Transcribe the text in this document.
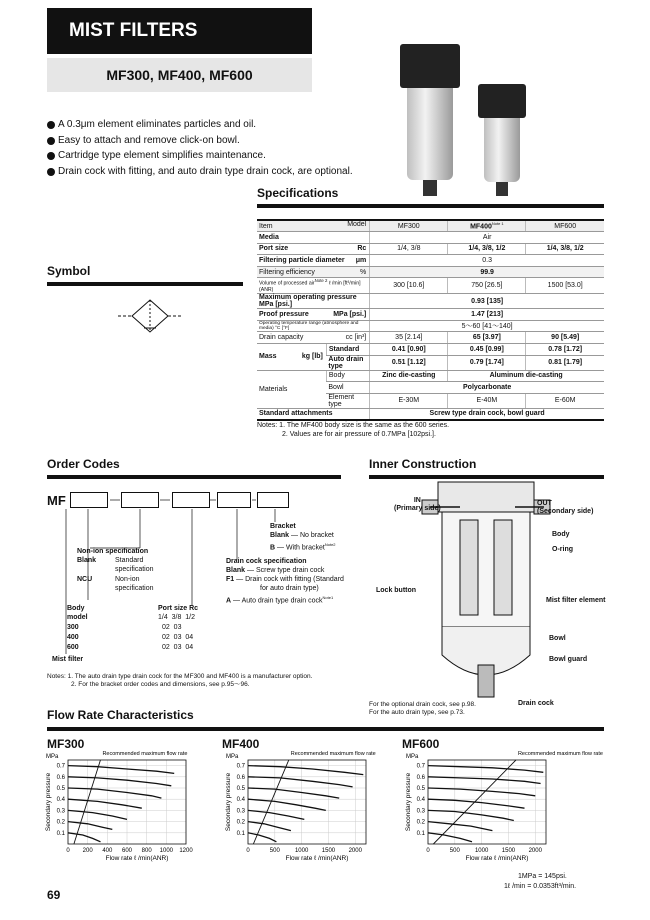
MIST FILTERS
MF300, MF400, MF600
A 0.3μm element eliminates particles and oil.
Easy to attach and remove click-on bowl.
Cartridge type element simplifies maintenance.
Drain cock with fitting, and auto drain type drain cock, are optional.
Specifications
Item Model		MF300	$MF400^{Note 1}$	MF600
Media		Air		
Port size Rc		1/4, 3/8	1/4, 3/8, 1/2	1/4, 3/8, 1/2
Filtering particle diameter μm		0.3		
Filtering efficiency %		99.9		
Volume of processed air$^{Note 2}$ ℓ /min [ft³/min] (ANR)		300 [10.6]	750 [26.5]	1500 [53.0]
Maximum operating pressure MPa [psi.]		0.93 [135]		
Proof pressure MPa [psi.]		1.47 [213]		
Operating temperature range (atmosphere and media) °C [°F]		5～60 [41～140]		
Drain capacity cc [in³]		35 [2.14]	65 [3.97]	90 [5.49]
Mass kg [lb]	Standard	0.41 [0.90]	0.45 [0.99]	0.78 [1.72]
	Auto drain type	0.51 [1.12]	0.79 [1.74]	0.81 [1.79]
Materials	Body	Zinc die-casting	Aluminum die-casting	
	Bowl	Polycarbonate		
	Element type	E-30M	E-40M	E-60M
Standard attachments		Screw type drain cock, bowl guard		
Notes: 1. The MF400 body size is the same as the 600 series.
2. Values are for air pressure of 0.7MPa [102psi.].
Symbol
Order Codes
MF
Bracket
Blank — No bracket
B — With bracket$^{Note2}$
Non-ion specification
Blank	Standard
specification
NCU	Non-ion
specification
Drain cock specification
Blank — Screw type drain cock
F1 — Drain cock with fitting (Standard
for auto drain type)
A — Auto drain type drain cock$^{Note1}$
Body
model
Port size Rc
1/4  3/8  1/2
300	02  03
400	02  03  04
600	02  03  04
Mist filter
Notes: 1. The auto drain type drain cock for the MF300 and MF400 is a manufacturer option.
2. For the bracket order codes and dimensions, see p.95～96.
Inner Construction
IN
(Primary side)
OUT
(Secondary side)
Body
O-ring
Lock button
Mist filter element
Bowl
Bowl guard
Drain cock
For the optional drain cock, see p.98.
For the auto drain type, see p.73.
Flow Rate Characteristics
MF300	MF400	MF600
0.1
0.2
0.3
0.4
0.5
0.6
0.7
0 200 400 600 800 1000 1200
MPa
Secondary pressure
Flow rate ℓ /min(ANR)
Recommended maximum flow rate
0.1
0.2
0.3
0.4
0.5
0.6
0.7
0	500	1000 1500 2000
MPa
Secondary pressure
Flow rate ℓ /min(ANR)
Recommended maximum flow rate
0.1
0.2
0.3
0.4
0.5
0.6
0.7
0	500	1000 1500 2000
MPa
Secondary pressure
Flow rate ℓ /min(ANR)
Recommended maximum flow rate
1MPa = 145psi.
1ℓ /min = 0.0353ft³/min.
69
